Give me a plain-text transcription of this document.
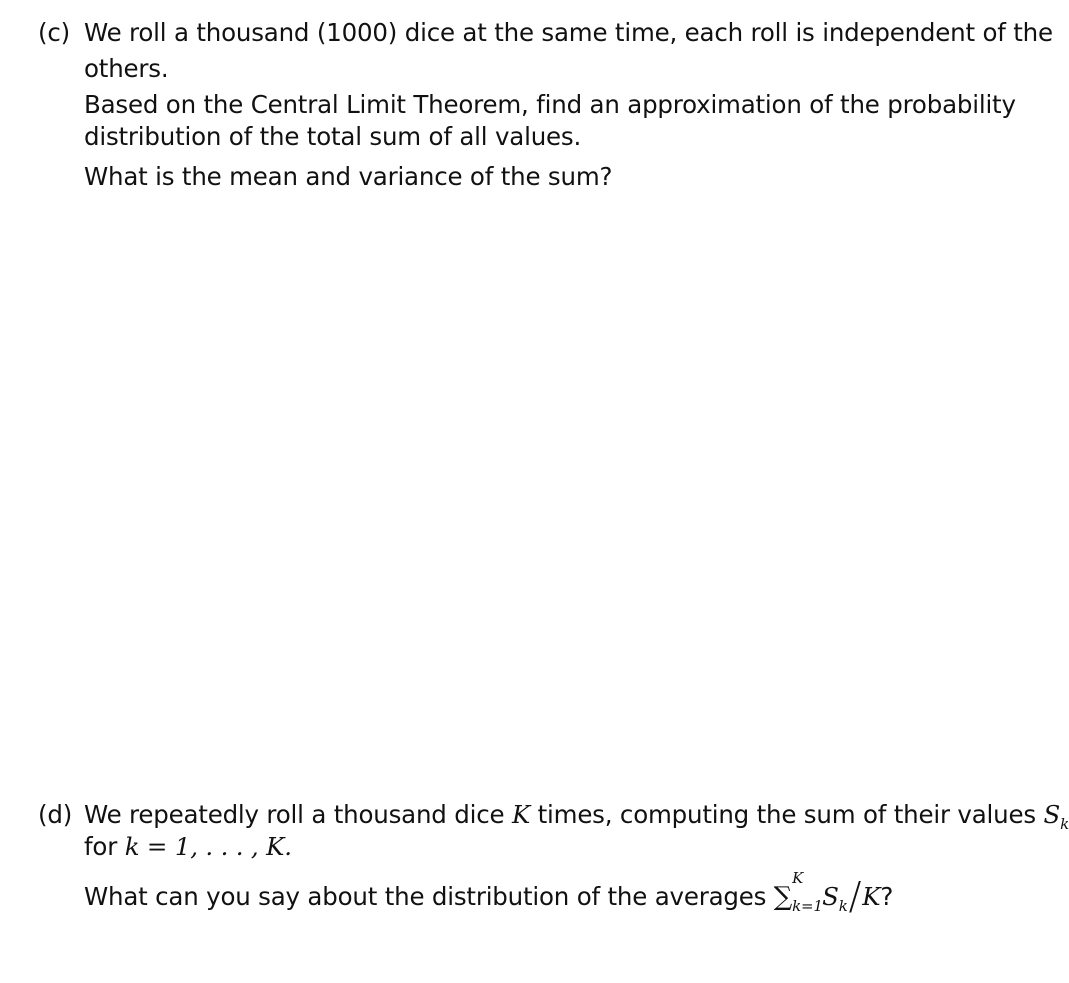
(c) We roll a thousand (1000) dice at the same time, each roll is independent of the
others.
Based on the Central Limit Theorem, find an approximation of the probability
distribution of the total sum of all values.
What is the mean and variance of the sum?
(d) We repeatedly roll a thousand dice K times, computing the sum of their values $S_k$
for k = 1, . . . , K.
What can you say about the distribution of the averages ∑
K
k=1 $S_k/K$?
